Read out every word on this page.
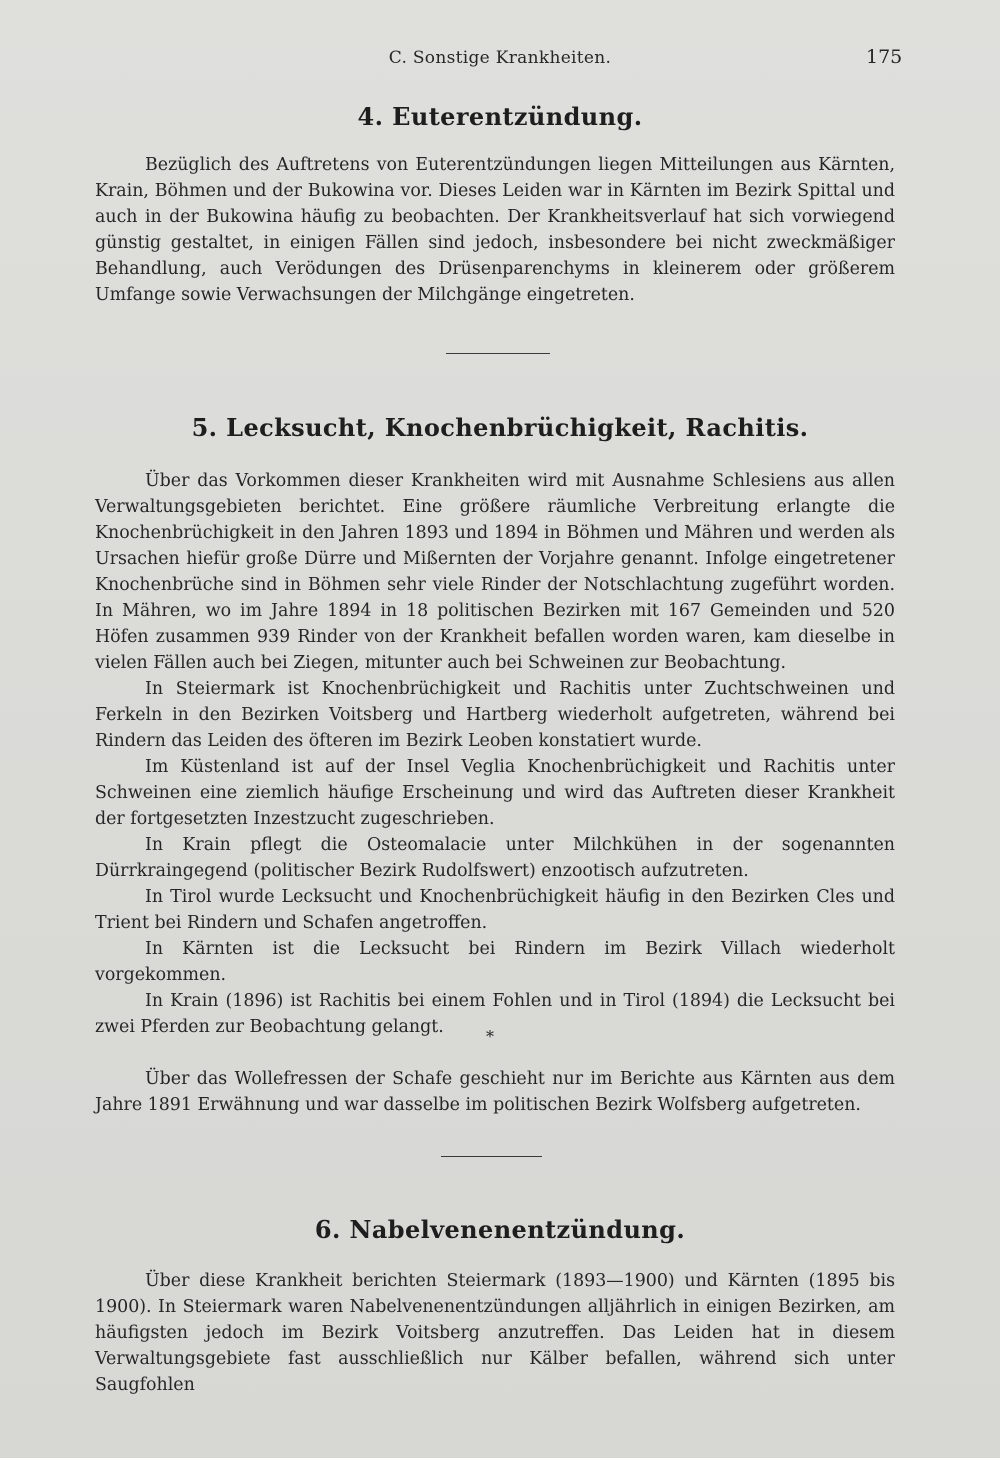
C. Sonstige Krankheiten.	175
4. Euterentzündung.

Bezüglich des Auftretens von Euterentzündungen liegen Mitteilungen aus Kärnten, Krain, Böhmen und der Bukowina vor. Dieses Leiden war in Kärnten im Bezirk Spittal und auch in der Bukowina häufig zu beobachten. Der Krankheitsverlauf hat sich vorwiegend günstig gestaltet, in einigen Fällen sind jedoch, insbesondere bei nicht zweckmäßiger Behandlung, auch Verödungen des Drüsenparenchyms in kleinerem oder größerem Umfange sowie Verwachsungen der Milchgänge eingetreten.

5. Lecksucht, Knochenbrüchigkeit, Rachitis.

Über das Vorkommen dieser Krankheiten wird mit Ausnahme Schlesiens aus allen Verwaltungsgebieten berichtet. Eine größere räumliche Verbreitung erlangte die Knochenbrüchigkeit in den Jahren 1893 und 1894 in Böhmen und Mähren und werden als Ursachen hiefür große Dürre und Mißernten der Vorjahre genannt. Infolge eingetretener Knochenbrüche sind in Böhmen sehr viele Rinder der Notschlachtung zugeführt worden. In Mähren, wo im Jahre 1894 in 18 politischen Bezirken mit 167 Gemeinden und 520 Höfen zusammen 939 Rinder von der Krankheit befallen worden waren, kam dieselbe in vielen Fällen auch bei Ziegen, mitunter auch bei Schweinen zur Beobachtung.

In Steiermark ist Knochenbrüchigkeit und Rachitis unter Zuchtschweinen und Ferkeln in den Bezirken Voitsberg und Hartberg wiederholt aufgetreten, während bei Rindern das Leiden des öfteren im Bezirk Leoben konstatiert wurde.

Im Küstenland ist auf der Insel Veglia Knochenbrüchigkeit und Rachitis unter Schweinen eine ziemlich häufige Erscheinung und wird das Auftreten dieser Krankheit der fortgesetzten Inzestzucht zugeschrieben.

In Krain pflegt die Osteomalacie unter Milchkühen in der sogenannten Dürrkraingegend (politischer Bezirk Rudolfswert) enzootisch aufzutreten.

In Tirol wurde Lecksucht und Knochenbrüchigkeit häufig in den Bezirken Cles und Trient bei Rindern und Schafen angetroffen.

In Kärnten ist die Lecksucht bei Rindern im Bezirk Villach wiederholt vorgekommen.

In Krain (1896) ist Rachitis bei einem Fohlen und in Tirol (1894) die Lecksucht bei zwei Pferden zur Beobachtung gelangt.	*

Über das Wollefressen der Schafe geschieht nur im Berichte aus Kärnten aus dem Jahre 1891 Erwähnung und war dasselbe im politischen Bezirk Wolfsberg aufgetreten.

6. Nabelvenenentzündung.

Über diese Krankheit berichten Steiermark (1893—1900) und Kärnten (1895 bis 1900). In Steiermark waren Nabelvenenentzündungen alljährlich in einigen Bezirken, am häufigsten jedoch im Bezirk Voitsberg anzutreffen. Das Leiden hat in diesem Verwaltungsgebiete fast ausschließlich nur Kälber befallen, während sich unter Saugfohlen
